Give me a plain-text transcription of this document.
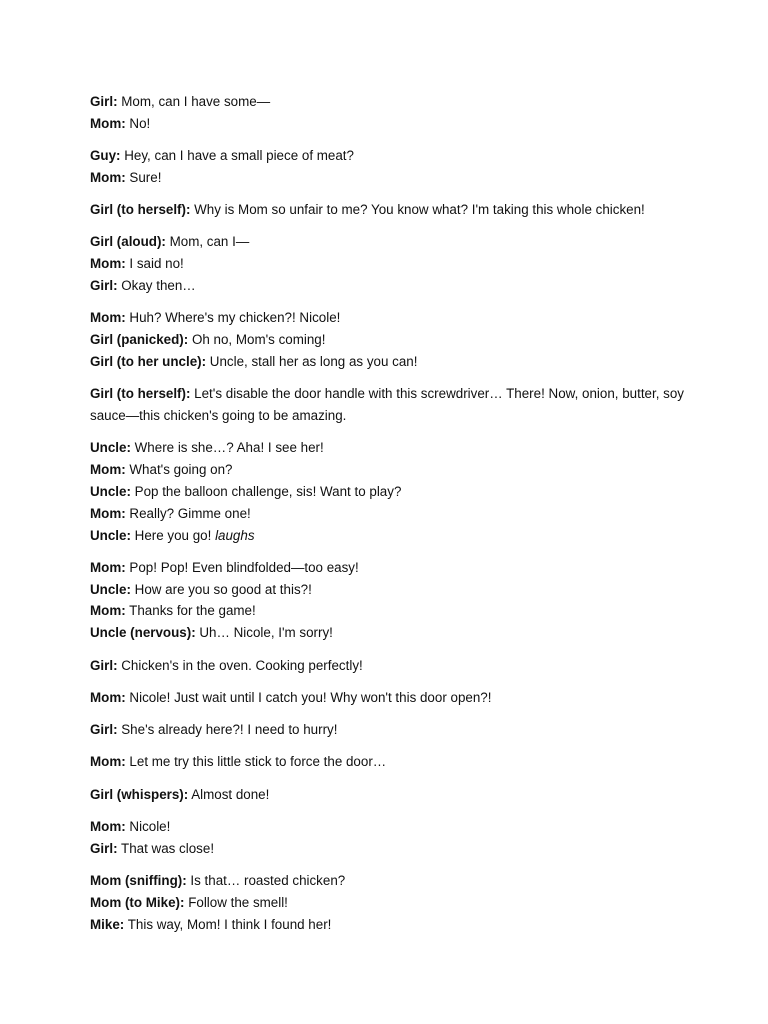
Girl: Mom, can I have some—
Mom: No!
Guy: Hey, can I have a small piece of meat?
Mom: Sure!
Girl (to herself): Why is Mom so unfair to me? You know what? I'm taking this whole chicken!
Girl (aloud): Mom, can I—
Mom: I said no!
Girl: Okay then…
Mom: Huh? Where's my chicken?! Nicole!
Girl (panicked): Oh no, Mom's coming!
Girl (to her uncle): Uncle, stall her as long as you can!
Girl (to herself): Let's disable the door handle with this screwdriver… There! Now, onion, butter, soy sauce—this chicken's going to be amazing.
Uncle: Where is she…? Aha! I see her!
Mom: What's going on?
Uncle: Pop the balloon challenge, sis! Want to play?
Mom: Really? Gimme one!
Uncle: Here you go! laughs
Mom: Pop! Pop! Even blindfolded—too easy!
Uncle: How are you so good at this?!
Mom: Thanks for the game!
Uncle (nervous): Uh… Nicole, I'm sorry!
Girl: Chicken's in the oven. Cooking perfectly!
Mom: Nicole! Just wait until I catch you! Why won't this door open?!
Girl: She's already here?! I need to hurry!
Mom: Let me try this little stick to force the door…
Girl (whispers): Almost done!
Mom: Nicole!
Girl: That was close!
Mom (sniffing): Is that… roasted chicken?
Mom (to Mike): Follow the smell!
Mike: This way, Mom! I think I found her!
